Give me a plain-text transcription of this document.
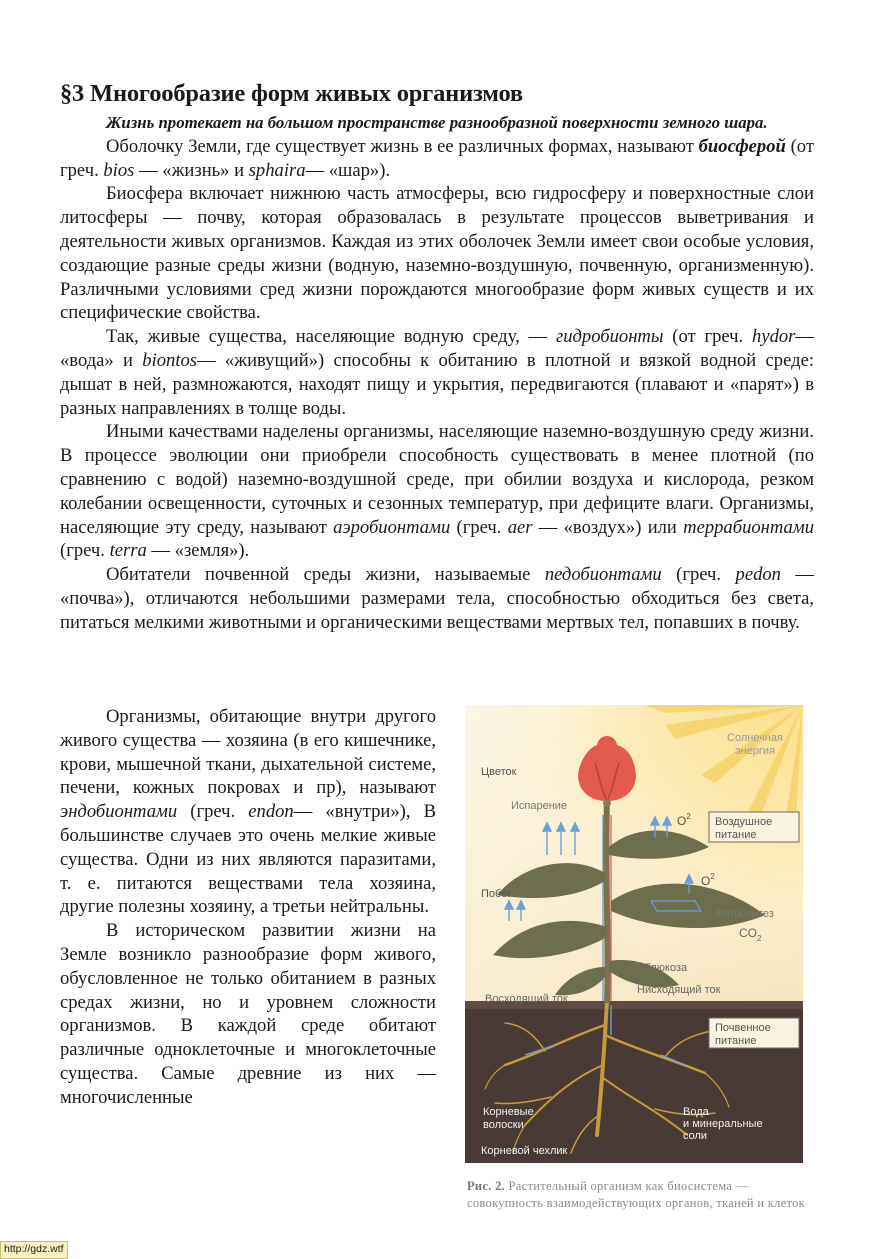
§3 Многообразие форм живых организмов

Жизнь протекает на большом пространстве разнообразной поверхности земного шара.

Оболочку Земли, где существует жизнь в ее различных формах, называют биосферой (от греч. bios — «жизнь» и sphaira— «шар»).

Биосфера включает нижнюю часть атмосферы, всю гидросферу и поверхностные слои литосферы — почву, которая образовалась в результате процессов выветривания и деятельности живых организмов. Каждая из этих оболочек Земли имеет свои особые условия, создающие разные среды жизни (водную, наземно-воздушную, почвенную, организменную). Различными условиями сред жизни порождаются многообразие форм живых существ и их специфические свойства.

Так, живые существа, населяющие водную среду, — гидробионты (от греч. hydor— «вода» и biontos— «живущий») способны к обитанию в плотной и вязкой водной среде: дышат в ней, размножаются, находят пищу и укрытия, передвигаются (плавают и «парят») в разных направлениях в толще воды.

Иными качествами наделены организмы, населяющие наземно-воздушную среду жизни. В процессе эволюции они приобрели способность существовать в менее плотной (по сравнению с водой) наземно-воздушной среде, при обилии воздуха и кислорода, резком колебании освещенности, суточных и сезонных температур, при дефиците влаги. Организмы, населяющие эту среду, называют аэробионтами (греч. aer — «воздух») или террабионтами (греч. terra — «земля»).

Обитатели почвенной среды жизни, называемые педобионтами (греч. pedon — «почва»), отличаются небольшими размерами тела, способностью обходиться без света, питаться мелкими животными и органическими веществами мертвых тел, попавших в почву.

Организмы, обитающие внутри другого живого существа — хозяина (в его кишечнике, крови, мышечной ткани, дыхательной системе, печени, кожных покровах и пр), называют эндобионтами (греч. endon— «внутри»), В большинстве случаев это очень мелкие живые существа. Одни из них являются паразитами, т. е. питаются веществами тела хозяина, другие полезны хозяину, а третьи нейтральны.

В историческом развитии жизни на Земле возникло разнообразие форм живого, обусловленное не только обитанием в разных средах жизни, но и уровнем сложности организмов. В каждой среде обитают различные одноклеточные и многоклеточные существа. Самые древние из них — многочисленные

Солнечная энергия
Цветок
Испарение
$O^2$ Воздушное питание
Побег
$O^2$
Фотосинтез
$CO_2$
Глюкоза
Восходящий ток
Нисходящий ток
Почвенное питание
Корневые волоски
Корневой чехлик
Вода и минеральные соли
Рис. 2. Растительный организм как биосистема — совокупность взаимодействующих органов, тканей и клеток
http://gdz.wtf
